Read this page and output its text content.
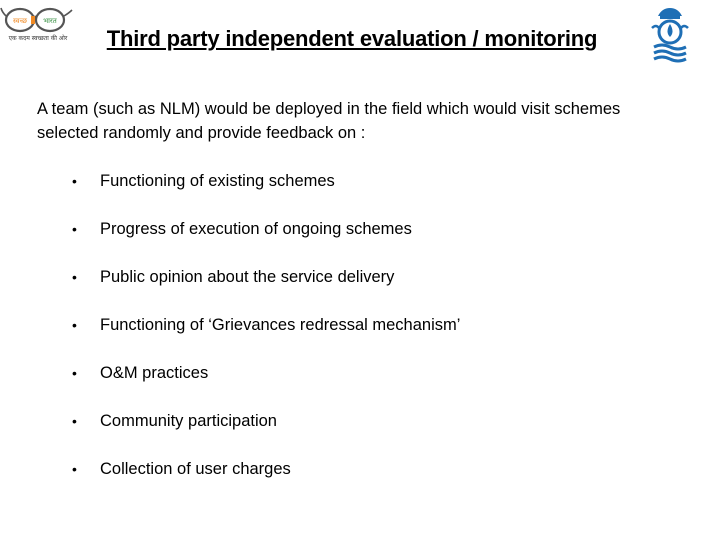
स्वच्छ भारत
एक कदम स्वच्छता की ओर	Third party independent evaluation / monitoring
A team (such as NLM) would be deployed in the field which would visit schemes selected randomly and provide feedback on :
•	Functioning of existing schemes
•	Progress of execution of ongoing schemes
•	Public opinion about the service delivery
•	Functioning of ‘Grievances redressal mechanism’
•	O&M practices
•	Community participation
•	Collection of user charges
